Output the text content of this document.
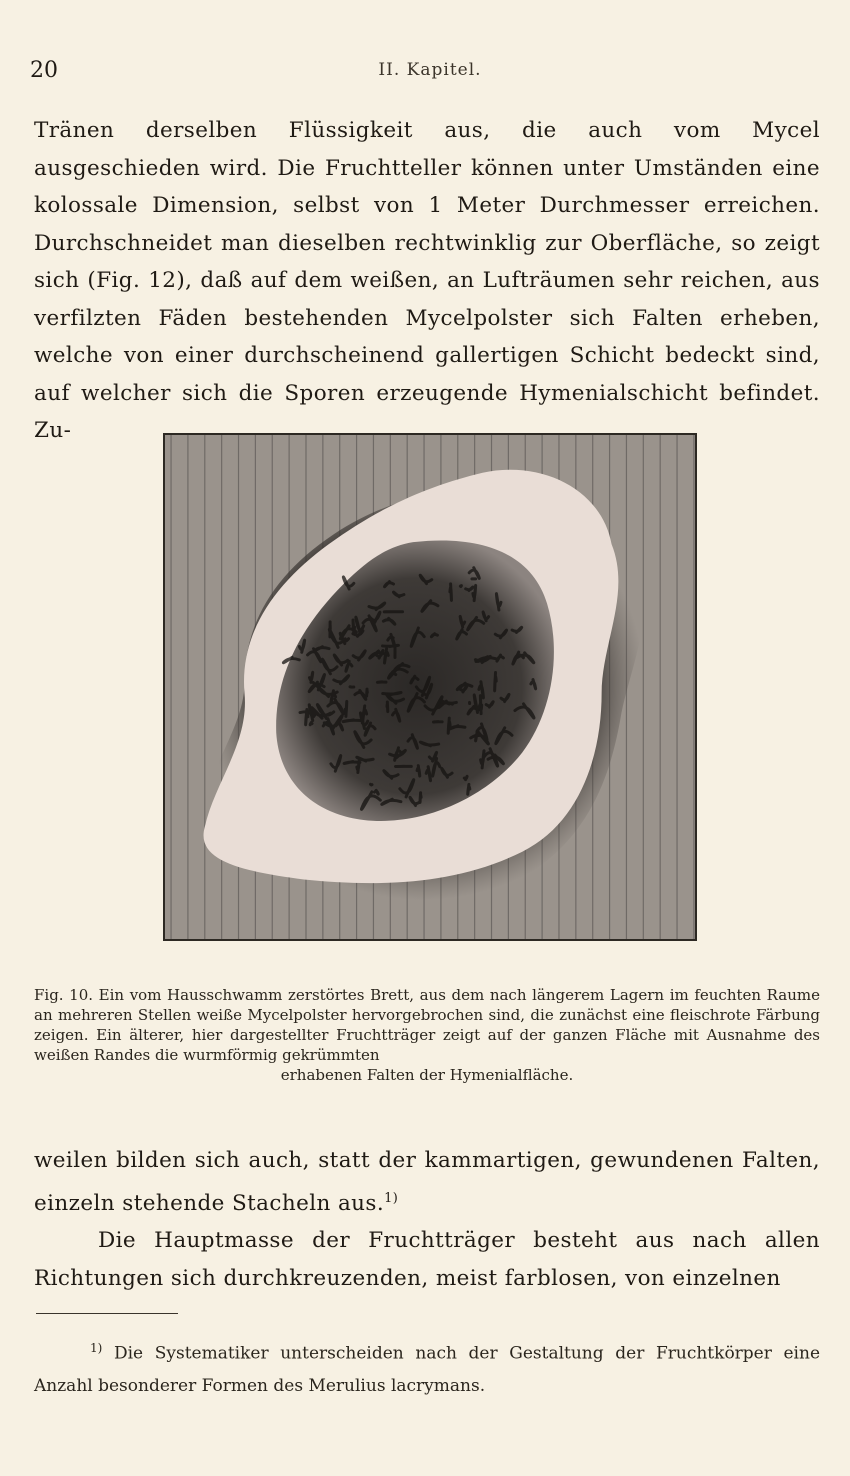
20	II. Kapitel.

Tränen derselben Flüssigkeit aus, die auch vom Mycel ausgeschieden wird. Die Fruchtteller können unter Umständen eine kolossale Dimension, selbst von 1 Meter Durchmesser erreichen. Durchschneidet man dieselben rechtwinklig zur Oberfläche, so zeigt sich (Fig. 12), daß auf dem weißen, an Lufträumen sehr reichen, aus verfilzten Fäden bestehenden Mycelpolster sich Falten erheben, welche von einer durchscheinend gallertigen Schicht bedeckt sind, auf welcher sich die Sporen erzeugende Hymenialschicht befindet. Zu-

Fig. 10. Ein vom Hausschwamm zerstörtes Brett, aus dem nach längerem Lagern im feuchten Raume an mehreren Stellen weiße Mycelpolster hervorgebrochen sind, die zunächst eine fleischrote Färbung zeigen. Ein älterer, hier dargestellter Fruchtträger zeigt auf der ganzen Fläche mit Ausnahme des weißen Randes die wurmförmig gekrümmten

erhabenen Falten der Hymenialfläche.

weilen bilden sich auch, statt der kammartigen, gewundenen Falten, einzeln stehende Stacheln aus.$^{1)}$
Die Hauptmasse der Fruchtträger besteht aus nach allen Richtungen sich durchkreuzenden, meist farblosen, von einzelnen

$^{1)}$ Die Systematiker unterscheiden nach der Gestaltung der Fruchtkörper eine Anzahl besonderer Formen des Merulius lacrymans.
